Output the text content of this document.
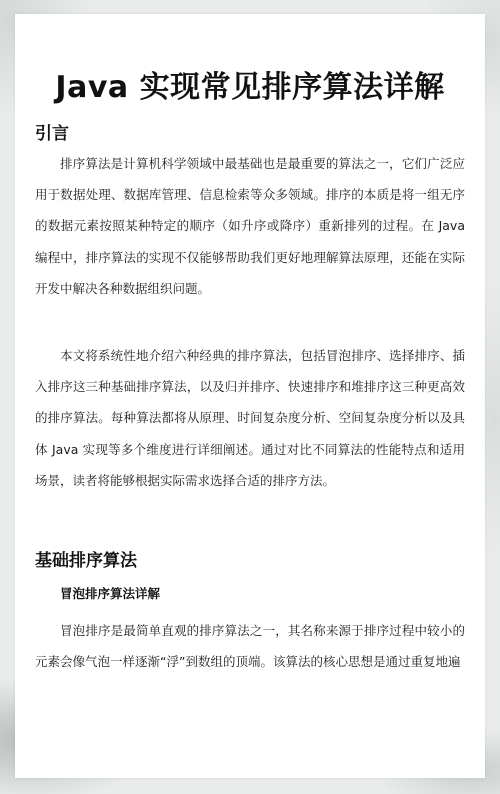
Java 实现常见排序算法详解
引言

排序算法是计算机科学领域中最基础也是最重要的算法之一，它们广泛应用于数据处理、数据库管理、信息检索等众多领域。排序的本质是将一组无序的数据元素按照某种特定的顺序（如升序或降序）重新排列的过程。在 Java 编程中，排序算法的实现不仅能够帮助我们更好地理解算法原理，还能在实际开发中解决各种数据组织问题。

本文将系统性地介绍六种经典的排序算法，包括冒泡排序、选择排序、插入排序这三种基础排序算法，以及归并排序、快速排序和堆排序这三种更高效的排序算法。每种算法都将从原理、时间复杂度分析、空间复杂度分析以及具体 Java 实现等多个维度进行详细阐述。通过对比不同算法的性能特点和适用场景，读者将能够根据实际需求选择合适的排序方法。

基础排序算法
冒泡排序算法详解

冒泡排序是最简单直观的排序算法之一，其名称来源于排序过程中较小的元素会像气泡一样逐渐“浮”到数组的顶端。该算法的核心思想是通过重复地遍
